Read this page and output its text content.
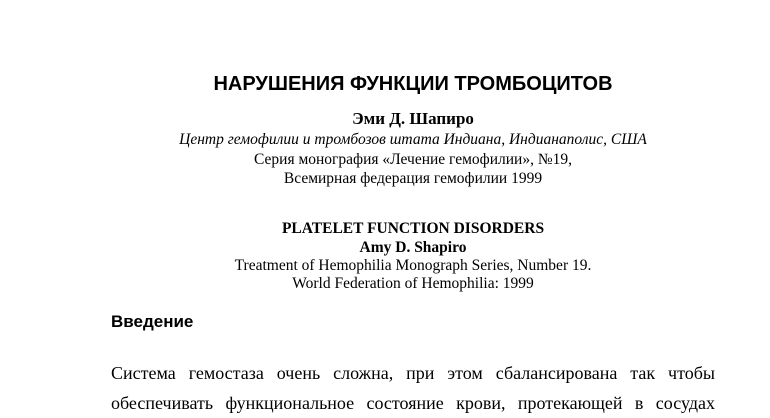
НАРУШЕНИЯ ФУНКЦИИ ТРОМБОЦИТОВ
Эми Д. Шапиро
Центр гемофилии и тромбозов штата Индиана, Индианаполис, США
Серия монография «Лечение гемофилии», №19,
Всемирная федерация гемофилии 1999
PLATELET FUNCTION DISORDERS
Amy D. Shapiro
Treatment of Hemophilia Monograph Series, Number 19.
World Federation of Hemophilia: 1999
Введение
Система гемостаза очень сложна, при этом сбалансирована так чтобы
обеспечивать функциональное состояние крови, протекающей в сосудах
